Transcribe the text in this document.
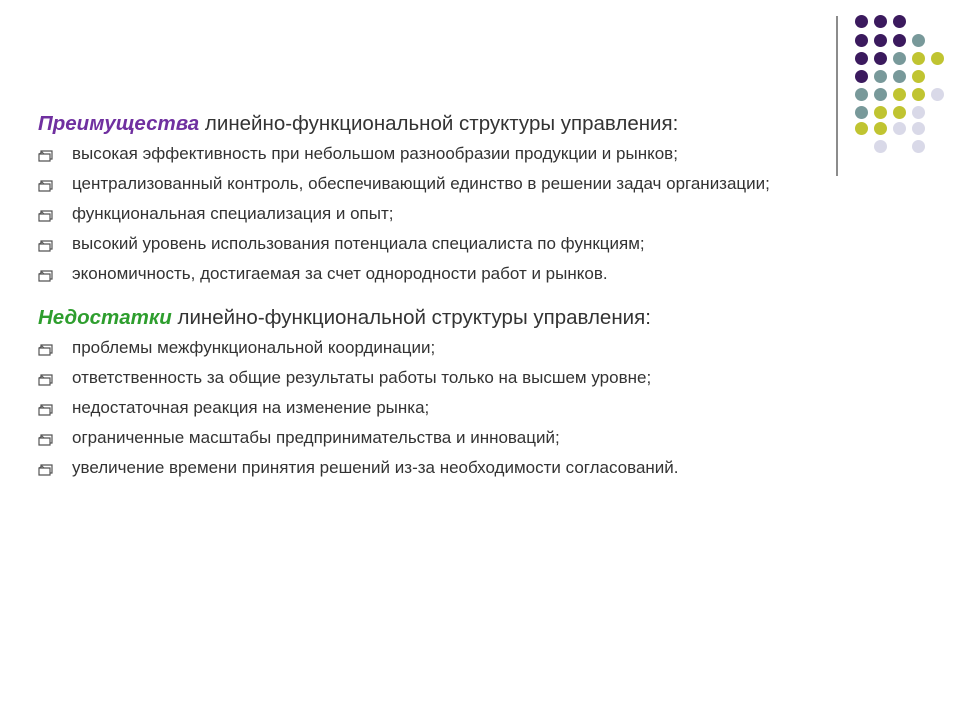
Преимущества линейно-функциональной структуры управления:
высокая эффективность при небольшом разнообразии продукции и рынков;
централизованный контроль, обеспечивающий единство в решении задач организации;
функциональная специализация и опыт;
высокий уровень использования потенциала специалиста по функциям;
экономичность, достигаемая за счет однородности работ и рынков.
Недостатки линейно-функциональной структуры управления:
проблемы межфункциональной координации;
ответственность за общие результаты работы только на высшем уровне;
недостаточная реакция на изменение рынка;
ограниченные масштабы предпринимательства и инноваций;
увеличение времени принятия решений из-за необходимости согласований.
